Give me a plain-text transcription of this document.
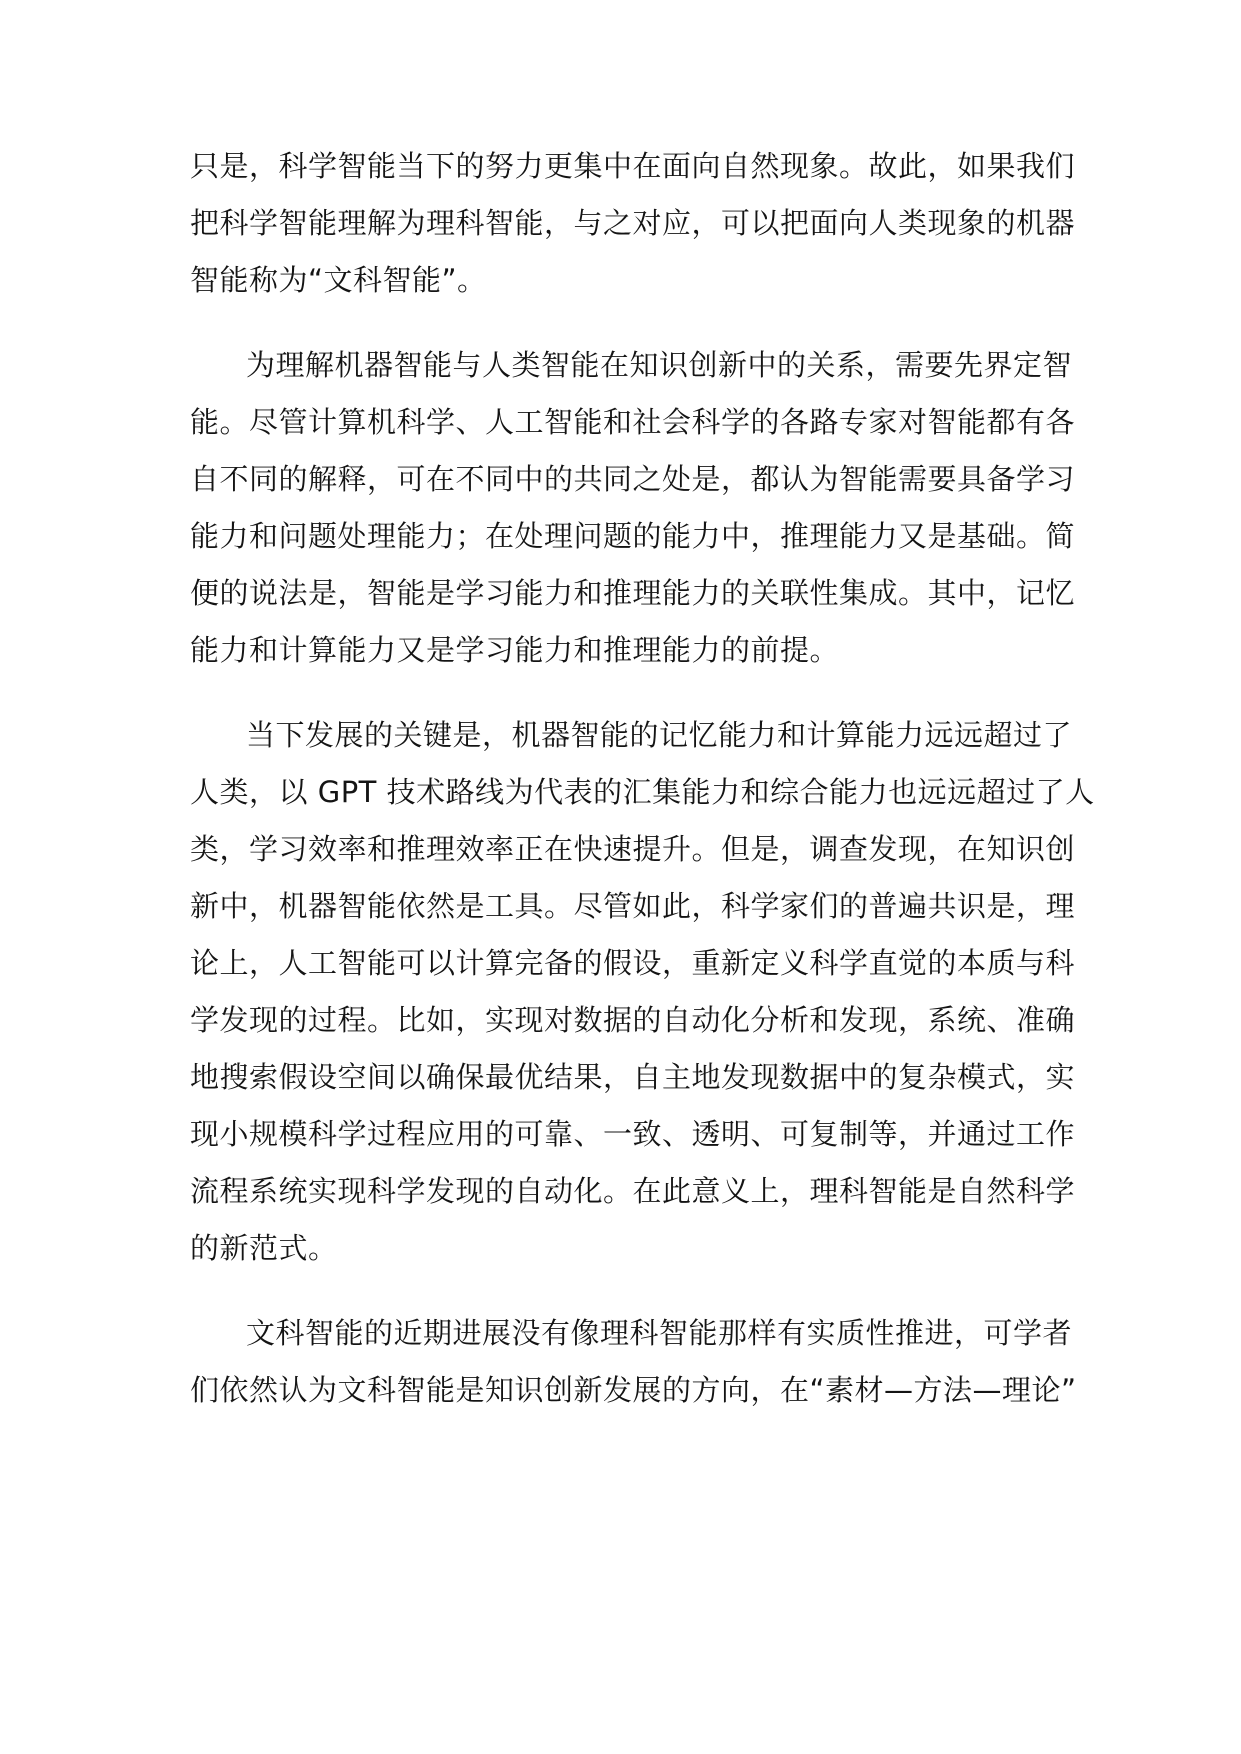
只是，科学智能当下的努力更集中在面向自然现象。故此，如果我们
把科学智能理解为理科智能，与之对应，可以把面向人类现象的机器
智能称为“文科智能”。
为理解机器智能与人类智能在知识创新中的关系，需要先界定智
能。尽管计算机科学、人工智能和社会科学的各路专家对智能都有各
自不同的解释，可在不同中的共同之处是，都认为智能需要具备学习
能力和问题处理能力；在处理问题的能力中，推理能力又是基础。简
便的说法是，智能是学习能力和推理能力的关联性集成。其中，记忆
能力和计算能力又是学习能力和推理能力的前提。
当下发展的关键是，机器智能的记忆能力和计算能力远远超过了
人类，以 GPT 技术路线为代表的汇集能力和综合能力也远远超过了人
类，学习效率和推理效率正在快速提升。但是，调查发现，在知识创
新中，机器智能依然是工具。尽管如此，科学家们的普遍共识是，理
论上，人工智能可以计算完备的假设，重新定义科学直觉的本质与科
学发现的过程。比如，实现对数据的自动化分析和发现，系统、准确
地搜索假设空间以确保最优结果，自主地发现数据中的复杂模式，实
现小规模科学过程应用的可靠、一致、透明、可复制等，并通过工作
流程系统实现科学发现的自动化。在此意义上，理科智能是自然科学
的新范式。
文科智能的近期进展没有像理科智能那样有实质性推进，可学者
们依然认为文科智能是知识创新发展的方向，在“素材—方法—理论”
